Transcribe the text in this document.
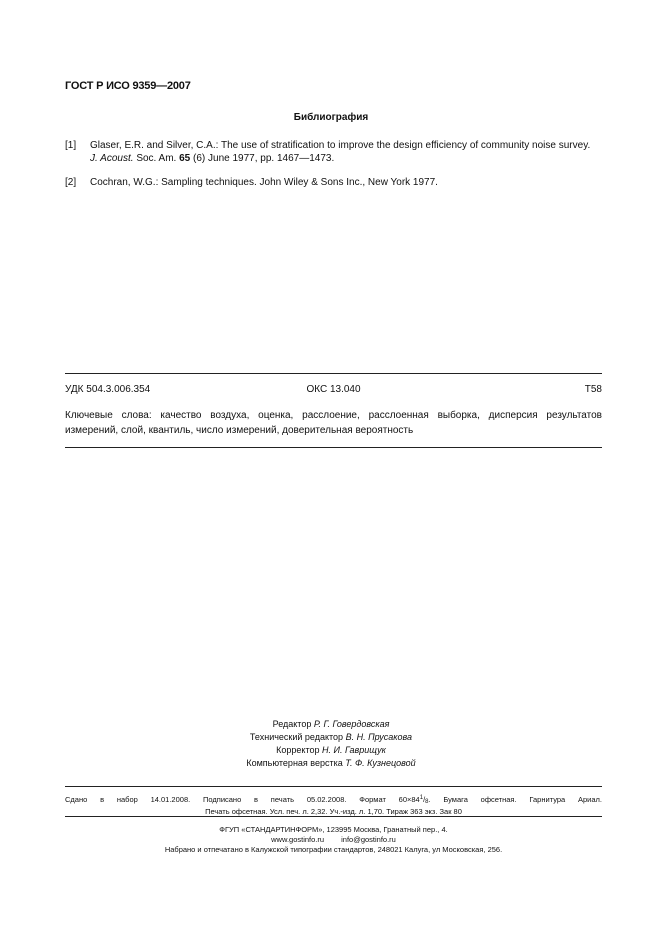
ГОСТ Р ИСО 9359—2007
Библиография
[1]	Glaser, E.R. and Silver, C.A.: The use of stratification to improve the design efficiency of community noise survey.
J. Acoust. Soc. Am. 65 (6) June 1977, pp. 1467—1473.
[2]	Cochran, W.G.: Sampling techniques. John Wiley & Sons Inc., New York 1977.
УДК 504.3.006.354	ОКС 13.040	Т58
Ключевые слова: качество воздуха, оценка, расслоение, расслоенная выборка, дисперсия результатов измерений, слой, квантиль, число измерений, доверительная вероятность
Редактор Р. Г. Говердовская
Технический редактор В. Н. Прусакова
Корректор Н. И. Гаврищук
Компьютерная верстка Т. Ф. Кузнецовой
Сдано в набор 14.01.2008. Подписано в печать 05.02.2008. Формат $60\times 84^1/_8$. Бумага офсетная. Гарнитура Ариал.
Печать офсетная. Усл. печ. л. 2,32. Уч.-изд. л. 1,70. Тираж 363 экз. Зак 80
ФГУП «СТАНДАРТИНФОРМ», 123995 Москва, Гранатный пер., 4.
www.gostinfo.ru info@gostinfo.ru
Набрано и отпечатано в Калужской типографии стандартов, 248021 Калуга, ул Московская, 256.
